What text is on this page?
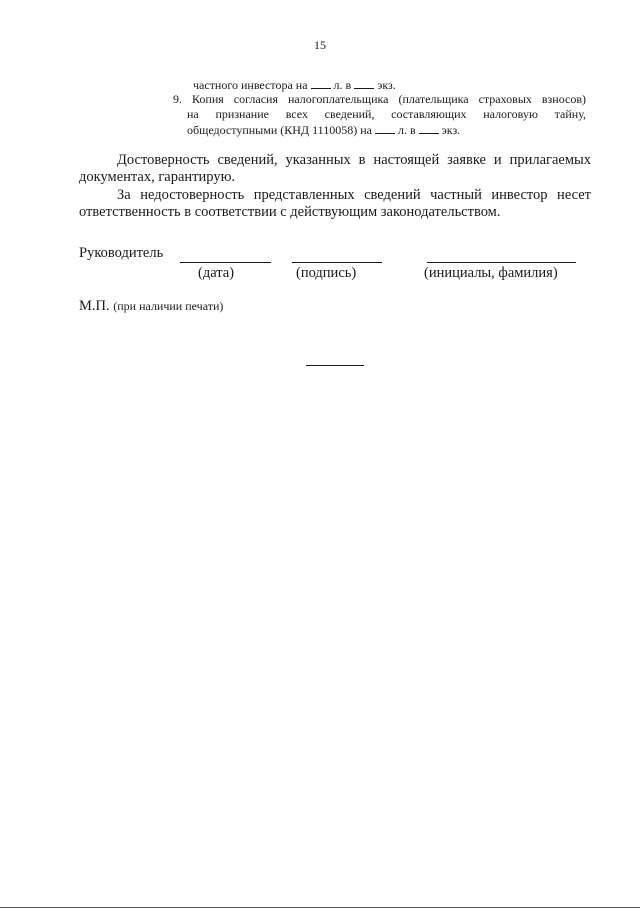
15
частного инвестора на л. в экз.
9. Копия согласия налогоплательщика (плательщика страховых взносов)
на признание всех сведений, составляющих налоговую тайну,
общедоступными (КНД 1110058) на л. в экз.
Достоверность сведений, указанных в настоящей заявке и прилагаемых
документах, гарантирую.
За недостоверность представленных сведений частный инвестор несет
ответственность в соответствии с действующим законодательством.
Руководитель
(дата)	(подпись)	(инициалы, фамилия)
М.П. (при наличии печати)
